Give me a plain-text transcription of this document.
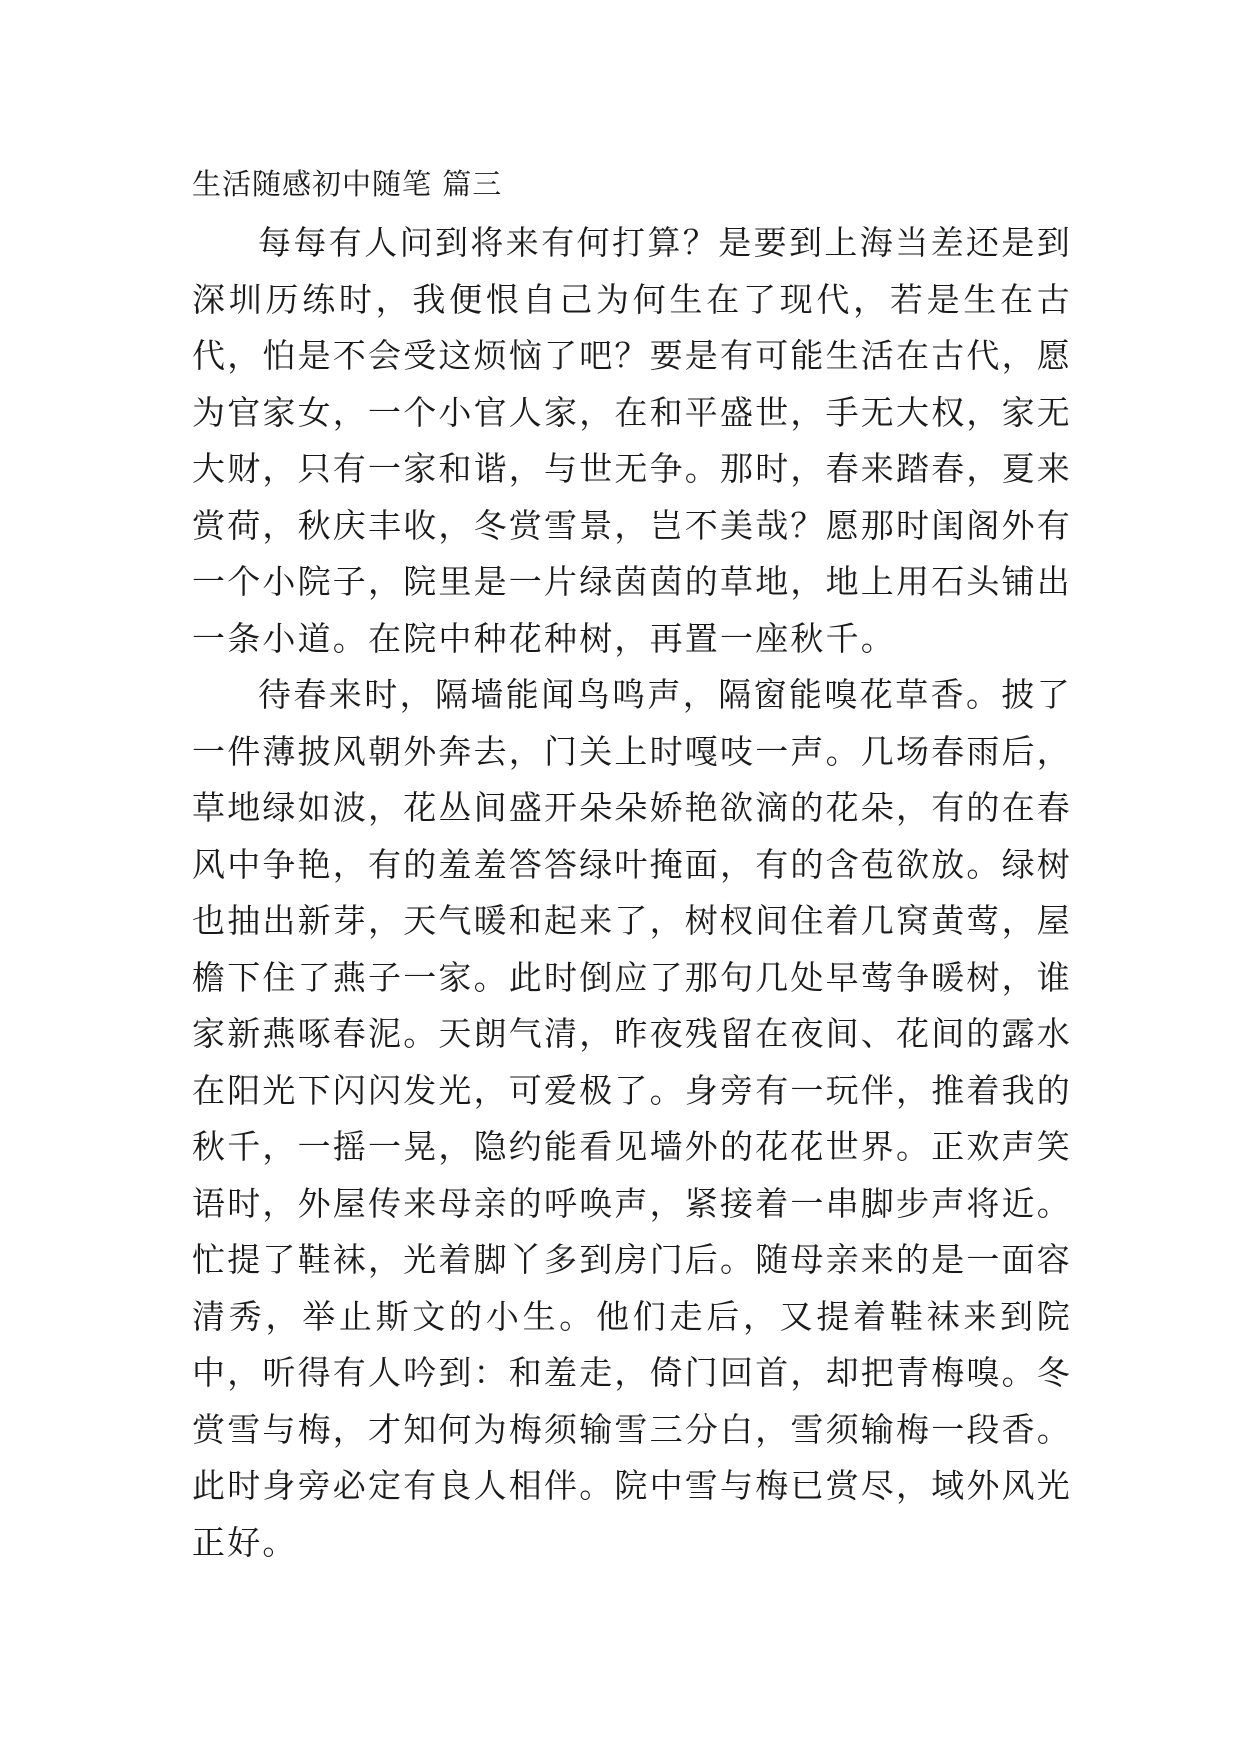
生活随感初中随笔 篇三

每每有人问到将来有何打算？是要到上海当差还是到深圳历练时，我便恨自己为何生在了现代，若是生在古代，怕是不会受这烦恼了吧？要是有可能生活在古代，愿为官家女，一个小官人家，在和平盛世，手无大权，家无大财，只有一家和谐，与世无争。那时，春来踏春，夏来赏荷，秋庆丰收，冬赏雪景，岂不美哉？愿那时闺阁外有一个小院子，院里是一片绿茵茵的草地，地上用石头铺出一条小道。在院中种花种树，再置一座秋千。

待春来时，隔墙能闻鸟鸣声，隔窗能嗅花草香。披了一件薄披风朝外奔去，门关上时嘎吱一声。几场春雨后，草地绿如波，花丛间盛开朵朵娇艳欲滴的花朵，有的在春风中争艳，有的羞羞答答绿叶掩面，有的含苞欲放。绿树也抽出新芽，天气暖和起来了，树杈间住着几窝黄莺，屋檐下住了燕子一家。此时倒应了那句几处早莺争暖树，谁家新燕啄春泥。天朗气清，昨夜残留在夜间、花间的露水在阳光下闪闪发光，可爱极了。身旁有一玩伴，推着我的秋千，一摇一晃，隐约能看见墙外的花花世界。正欢声笑语时，外屋传来母亲的呼唤声，紧接着一串脚步声将近。忙提了鞋袜，光着脚丫多到房门后。随母亲来的是一面容清秀，举止斯文的小生。他们走后，又提着鞋袜来到院中，听得有人吟到：和羞走，倚门回首，却把青梅嗅。冬赏雪与梅，才知何为梅须输雪三分白，雪须输梅一段香。此时身旁必定有良人相伴。院中雪与梅已赏尽，域外风光正好。
